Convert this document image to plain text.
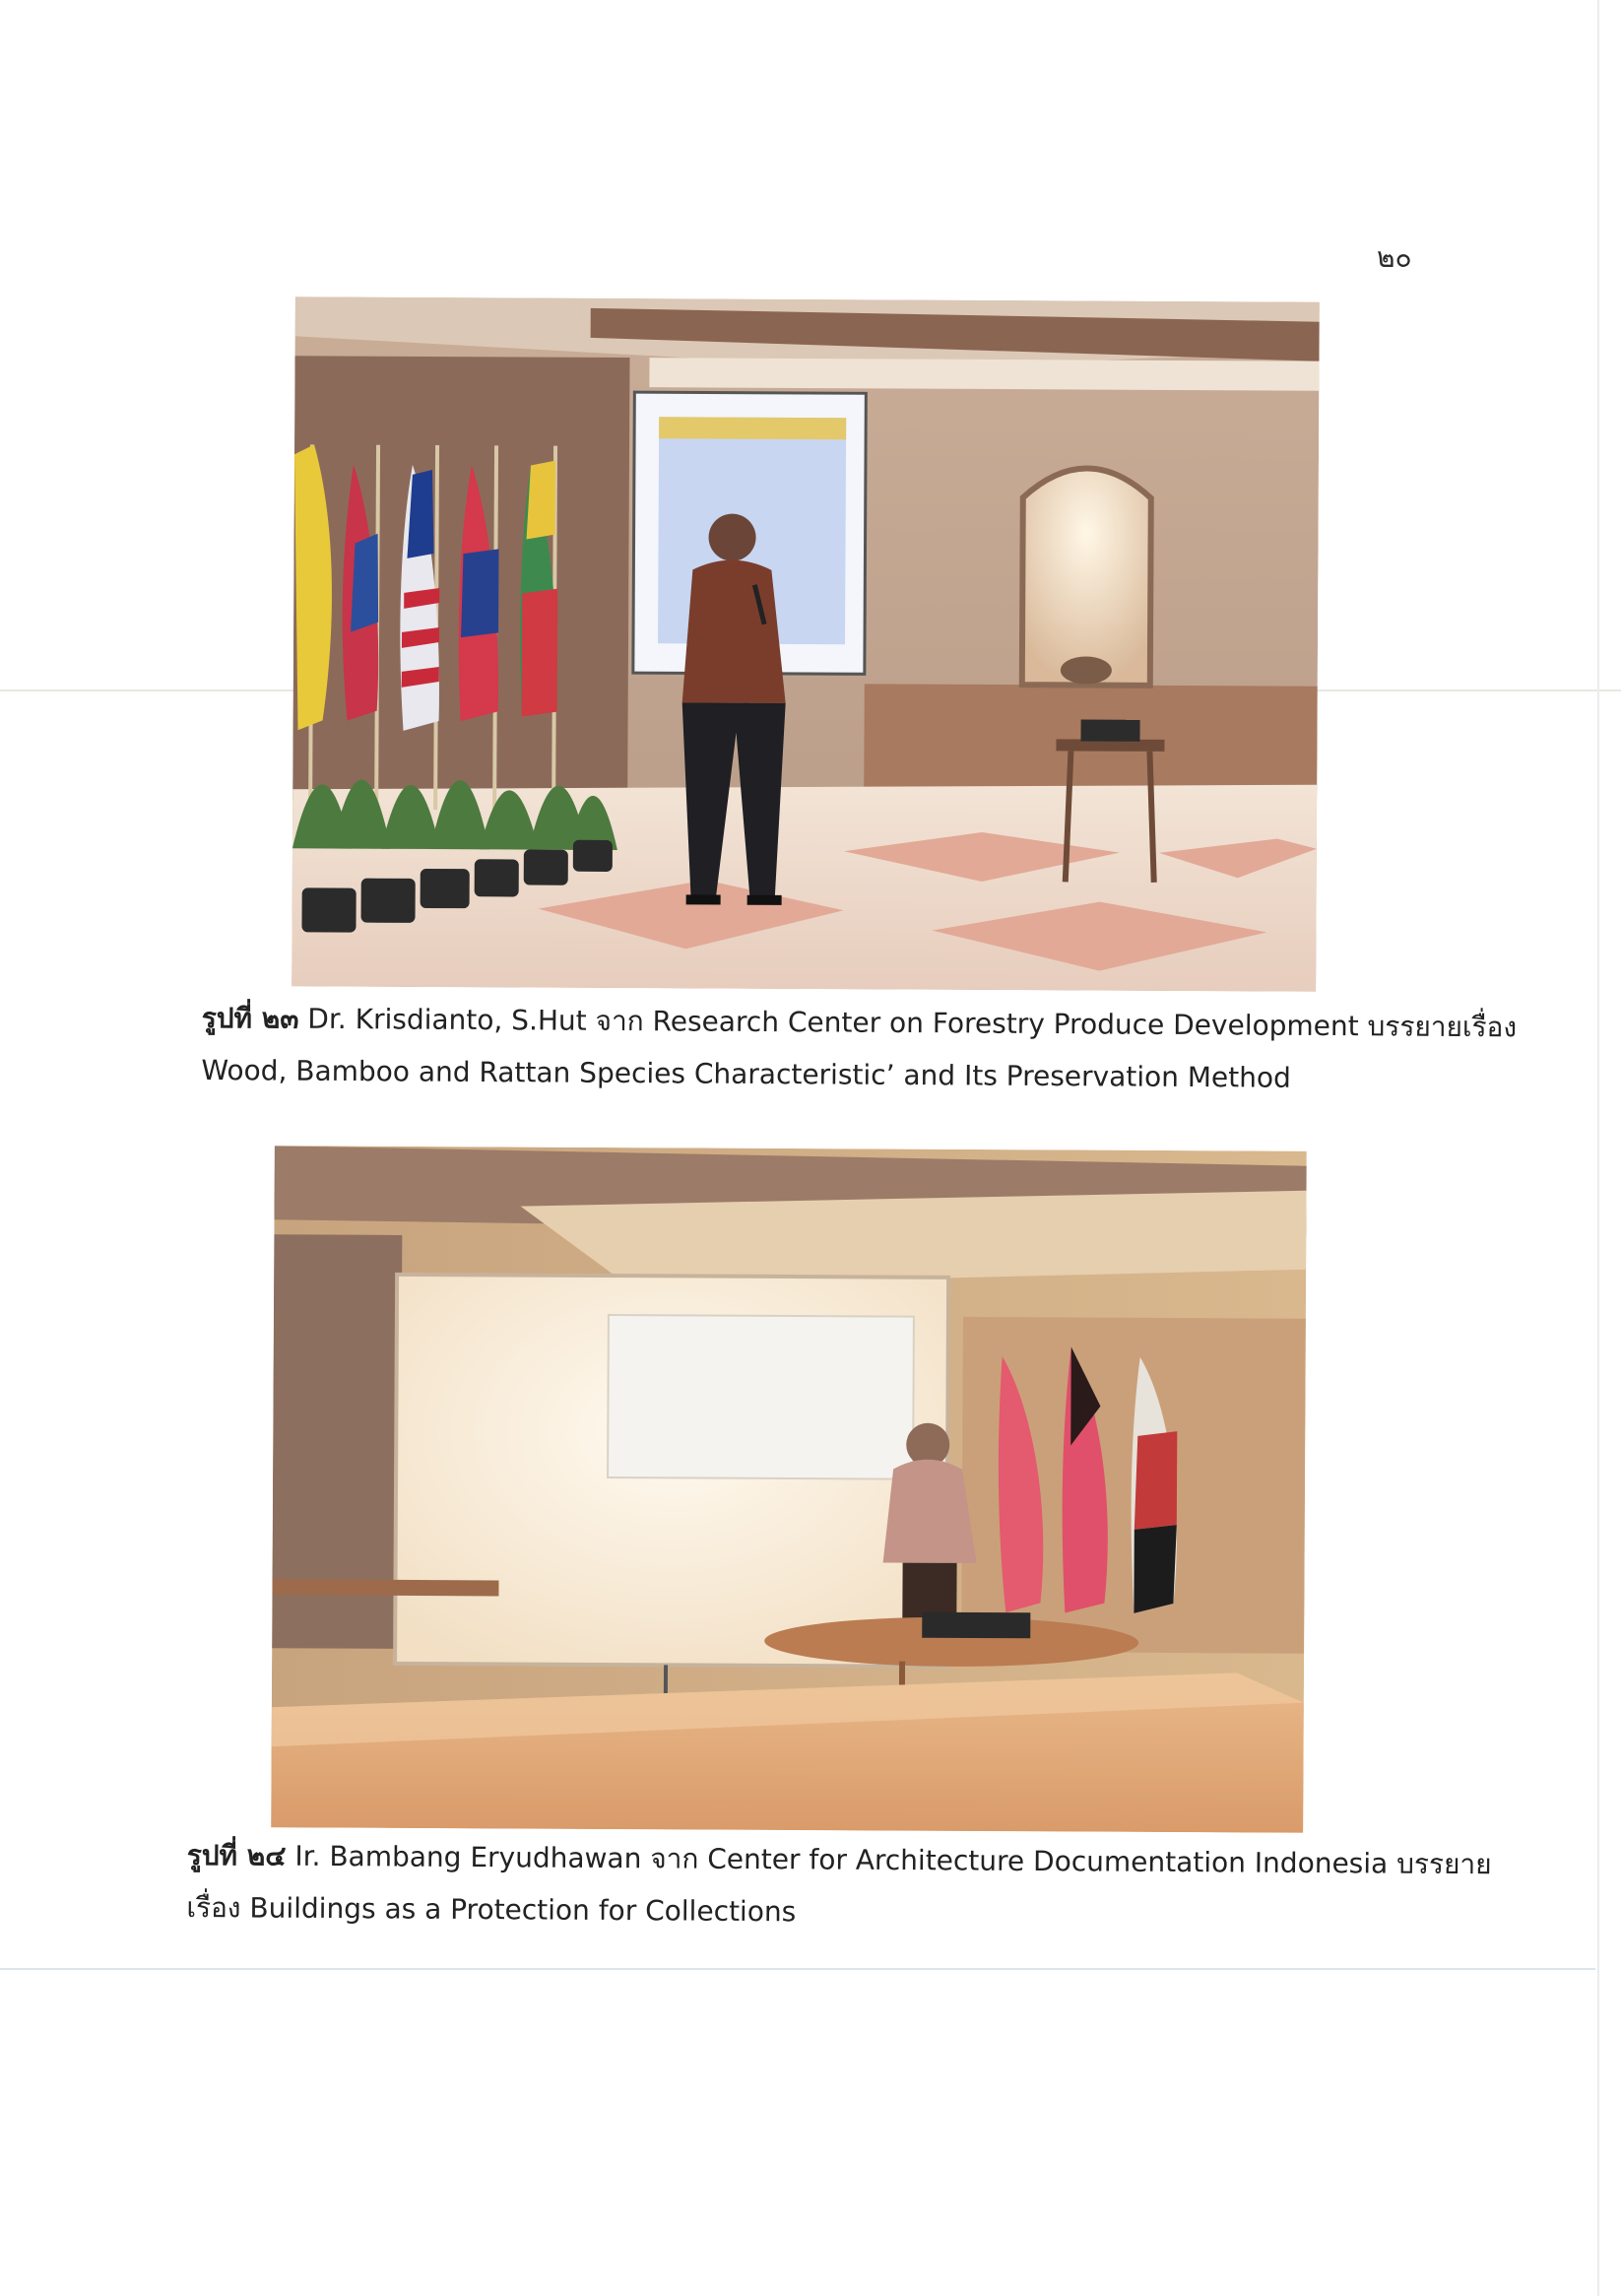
๒๐
รูปที่ ๒๓ Dr. Krisdianto, S.Hut จาก Research Center on Forestry Produce Development บรรยายเรื่อง
Wood, Bamboo and Rattan Species Characteristic’ and Its Preservation Method
รูปที่ ๒๔ Ir. Bambang Eryudhawan จาก Center for Architecture Documentation Indonesia บรรยาย
เรื่อง Buildings as a Protection for Collections
